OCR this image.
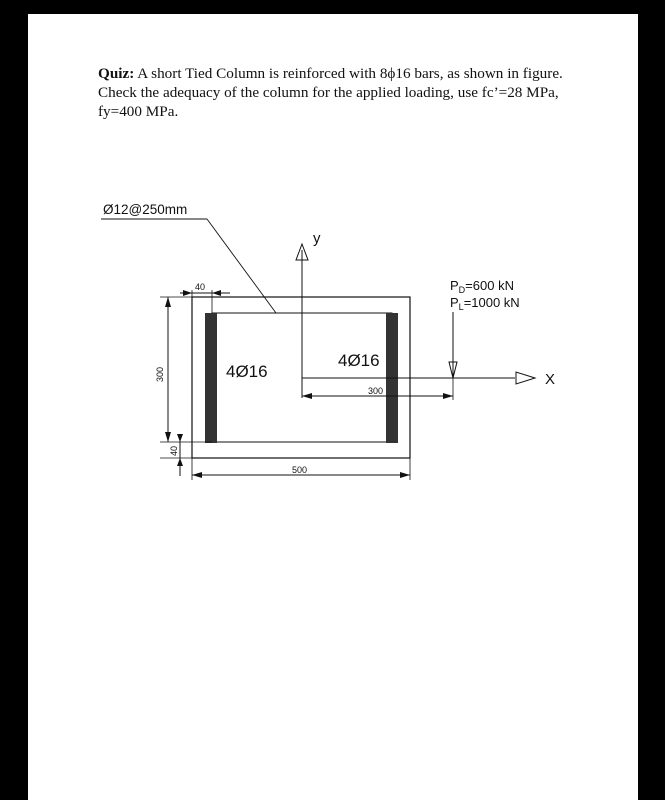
Quiz: A short Tied Column is reinforced with 8ϕ16 bars, as shown in figure. Check the adequacy of the column for the applied loading, use fc’=28 MPa, fy=400 MPa.
Ø12@250mm
4Ø16
4Ø16
y
X
300
$P_D=600$ kN
$P_L=1000$ kN
40
300
40
500
